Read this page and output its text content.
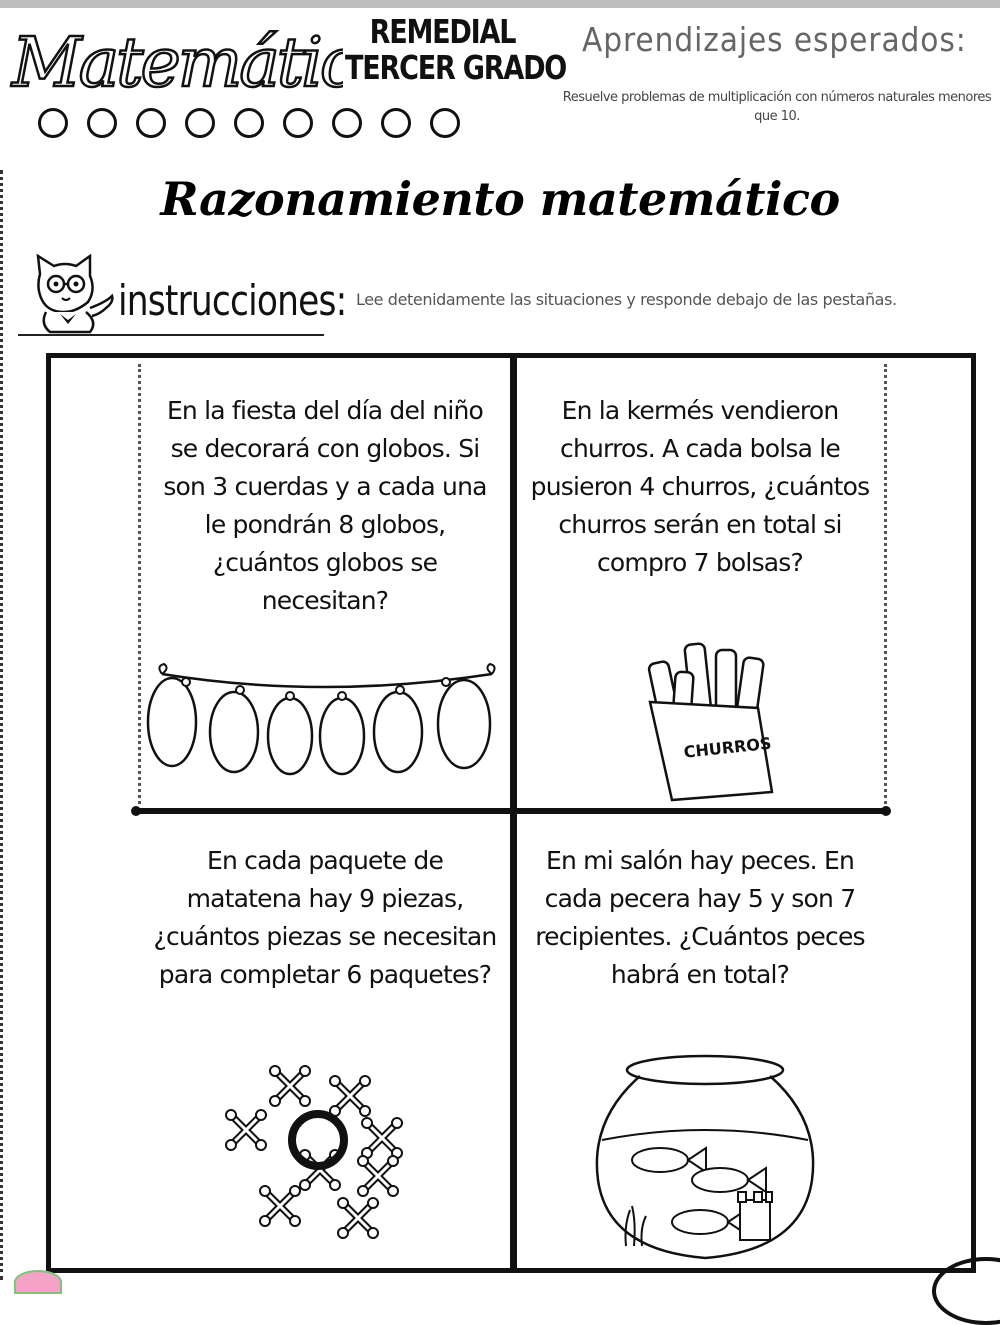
Matemáti	REMEDIAL
TERCER GRADO
Aprendizajes esperados:
Resuelve problemas de multiplicación con números naturales menores que 10.
Razonamiento matemático
instrucciones: Lee detenidamente las situaciones y responde debajo de las pestañas.
En la fiesta del día del niño se decorará con globos. Si son 3 cuerdas y a cada una le pondrán 8 globos, ¿cuántos globos se necesitan?
En la kermés vendieron churros. A cada bolsa le pusieron 4 churros, ¿cuántos churros serán en total si compro 7 bolsas?
En cada paquete de matatena hay 9 piezas, ¿cuántos piezas se necesitan para completar 6 paquetes?
En mi salón hay peces. En cada pecera hay 5 y son 7 recipientes. ¿Cuántos peces habrá en total?
CHURROS
